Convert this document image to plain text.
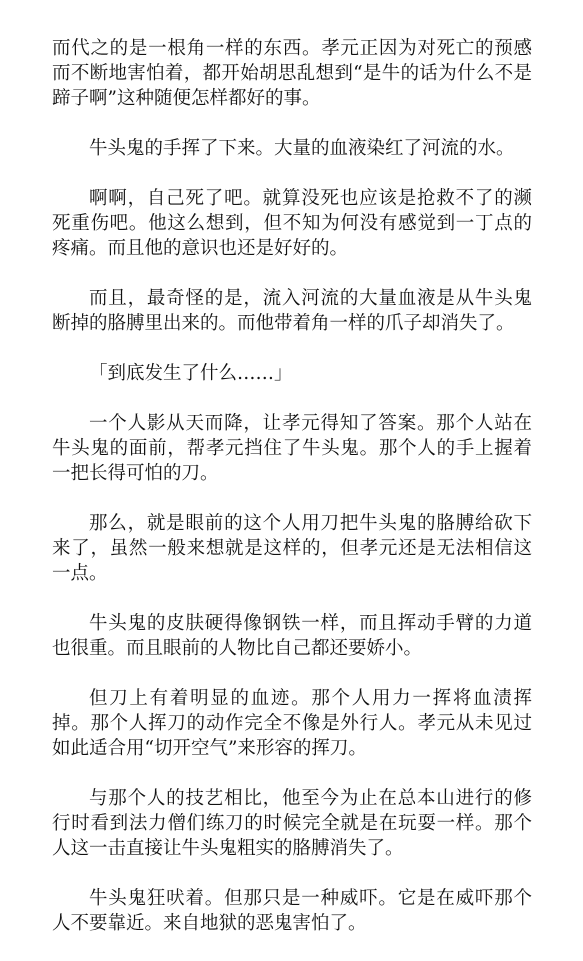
而代之的是一根角一样的东西。孝元正因为对死亡的预感而不断地害怕着，都开始胡思乱想到“是牛的话为什么不是蹄子啊”这种随便怎样都好的事。

牛头鬼的手挥了下来。大量的血液染红了河流的水。

啊啊，自己死了吧。就算没死也应该是抢救不了的濒死重伤吧。他这么想到，但不知为何没有感觉到一丁点的疼痛。而且他的意识也还是好好的。

而且，最奇怪的是，流入河流的大量血液是从牛头鬼断掉的胳膊里出来的。而他带着角一样的爪子却消失了。

「到底发生了什么……」

一个人影从天而降，让孝元得知了答案。那个人站在牛头鬼的面前，帮孝元挡住了牛头鬼。那个人的手上握着一把长得可怕的刀。

那么，就是眼前的这个人用刀把牛头鬼的胳膊给砍下来了，虽然一般来想就是这样的，但孝元还是无法相信这一点。

牛头鬼的皮肤硬得像钢铁一样，而且挥动手臂的力道也很重。而且眼前的人物比自己都还要娇小。

但刀上有着明显的血迹。那个人用力一挥将血渍挥掉。那个人挥刀的动作完全不像是外行人。孝元从未见过如此适合用“切开空气”来形容的挥刀。

与那个人的技艺相比，他至今为止在总本山进行的修行时看到法力僧们练刀的时候完全就是在玩耍一样。那个人这一击直接让牛头鬼粗实的胳膊消失了。

牛头鬼狂吠着。但那只是一种威吓。它是在威吓那个人不要靠近。来自地狱的恶鬼害怕了。
